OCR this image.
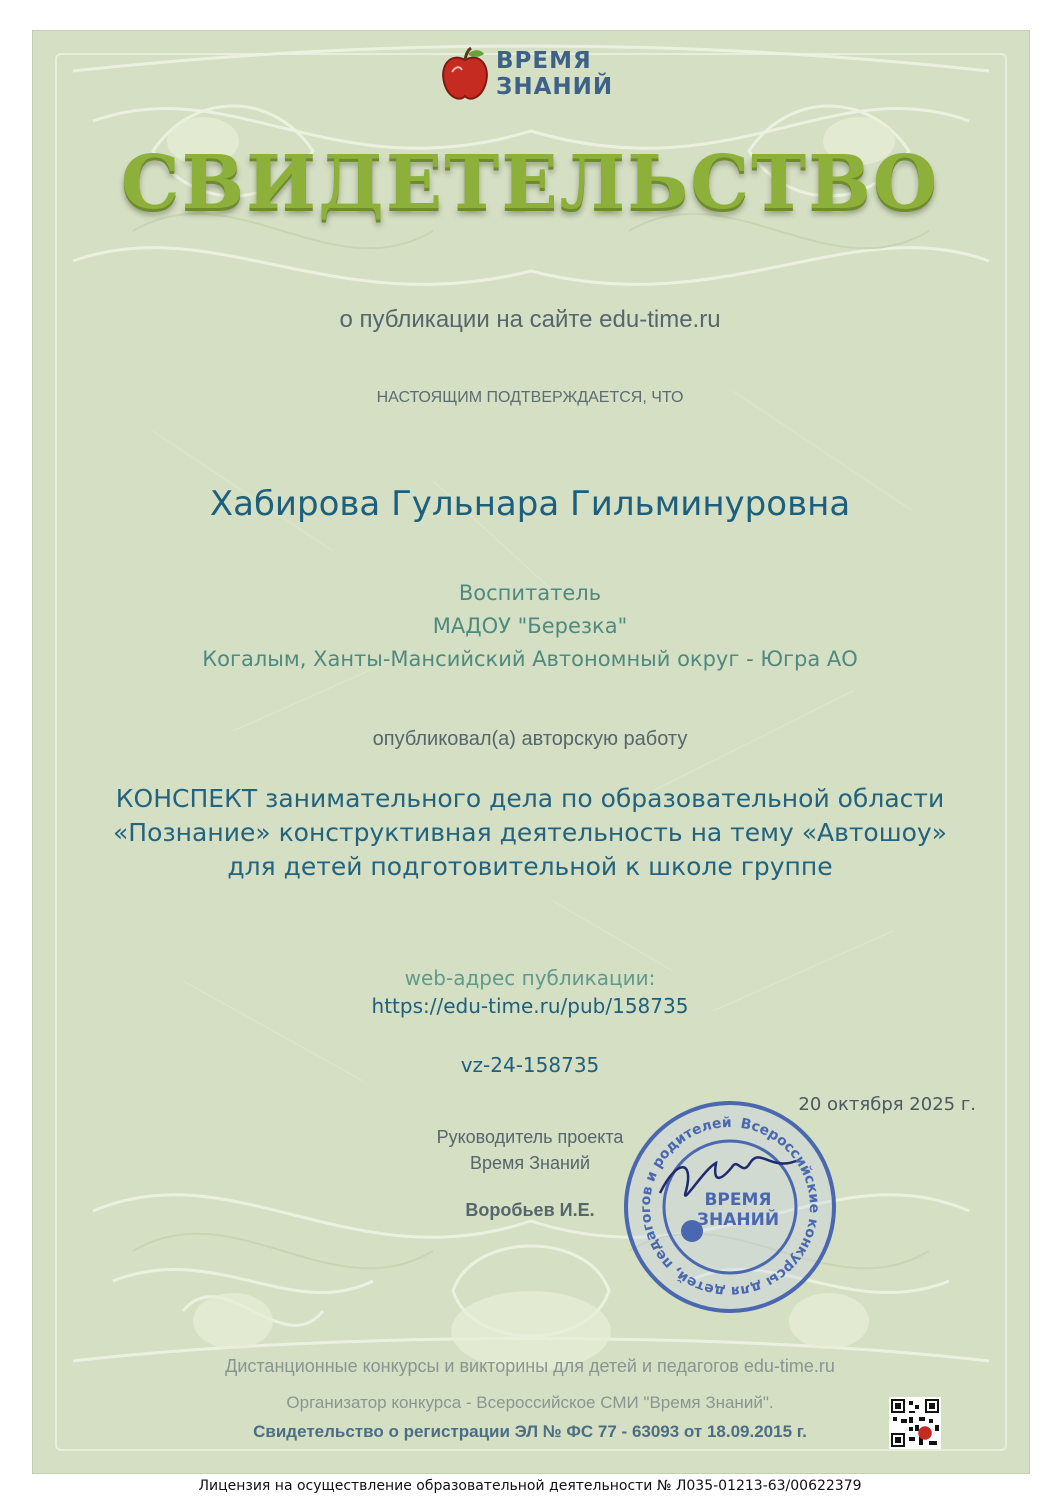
ВРЕМЯ
ЗНАНИЙ
СВИДЕТЕЛЬСТВО
о публикации на сайте edu-time.ru
НАСТОЯЩИМ ПОДТВЕРЖДАЕТСЯ, ЧТО
Хабирова Гульнара Гильминуровна
Воспитатель
МАДОУ "Березка"
Когалым, Ханты-Мансийский Автономный округ - Югра АО
опубликовал(а) авторскую работу
КОНСПЕКТ занимательного дела по образовательной области «Познание» конструктивная деятельность на тему «Автошоу» для детей подготовительной к школе группе
web-адрес публикации:
https://edu-time.ru/pub/158735
vz-24-158735
20 октября 2025 г.
Руководитель проекта
Время Знаний
Воробьев И.Е.
Всероссийские конкурсы для детей, педагогов и родителей
ВРЕМЯ
ЗНАНИЙ
Дистанционные конкурсы и викторины для детей и педагогов edu-time.ru
Организатор конкурса - Всероссийское СМИ "Время Знаний".
Свидетельство о регистрации ЭЛ № ФС 77 - 63093 от 18.09.2015 г.
Лицензия на осуществление образовательной деятельности № Л035-01213-63/00622379
